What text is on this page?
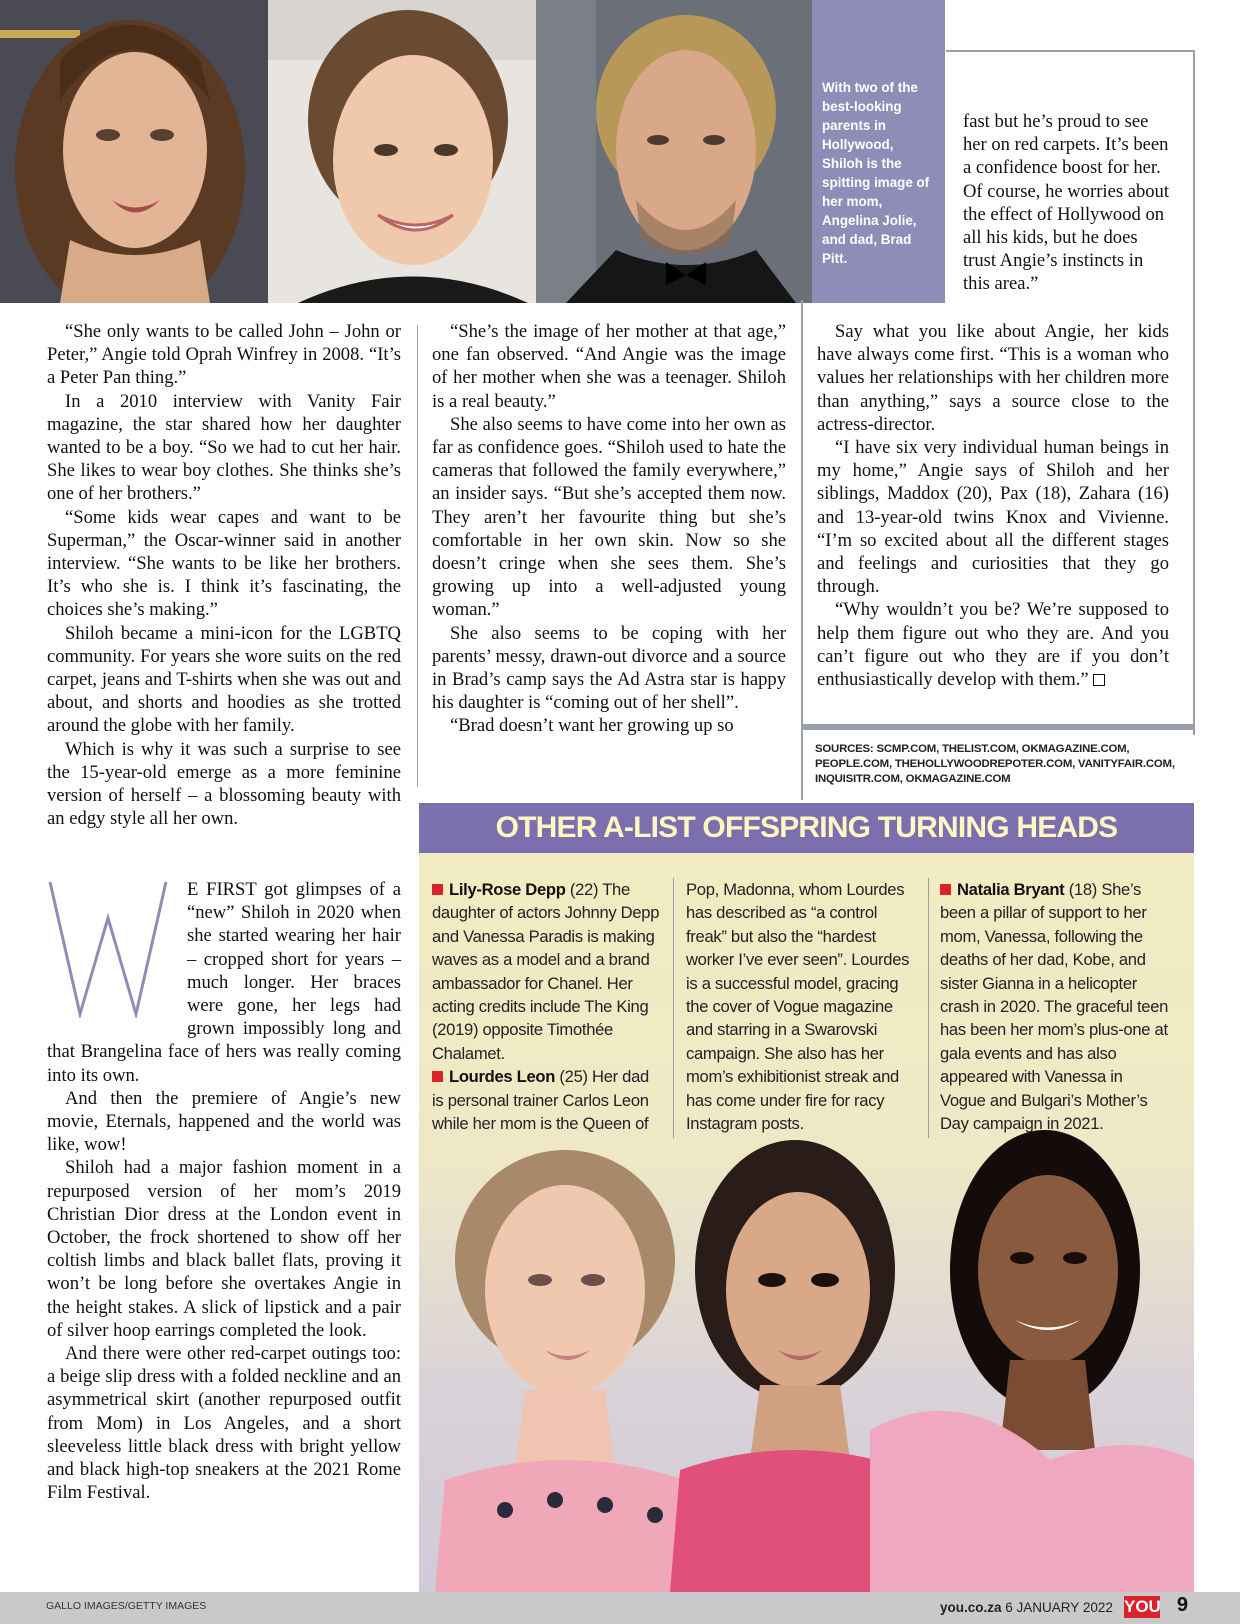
With two of the best-looking parents in Hollywood, Shiloh is the spitting image of her mom, Angelina Jolie, and dad, Brad Pitt.

“She only wants to be called John – John or Peter,” Angie told Oprah Winfrey in 2008. “It’s a Peter Pan thing.”

In a 2010 interview with Vanity Fair magazine, the star shared how her daughter wanted to be a boy. “So we had to cut her hair. She likes to wear boy clothes. She thinks she’s one of her brothers.”

“Some kids wear capes and want to be Superman,” the Oscar-winner said in another interview. “She wants to be like her brothers. It’s who she is. I think it’s fascinating, the choices she’s making.”

Shiloh became a mini-icon for the LGBTQ community. For years she wore suits on the red carpet, jeans and T-shirts when she was out and about, and shorts and hoodies as she trotted around the globe with her family.

Which is why it was such a surprise to see the 15-year-old emerge as a more feminine version of herself – a blossoming beauty with an edgy style all her own.

E FIRST got glimpses of a “new” Shiloh in 2020 when she started wearing her hair – cropped short for years – much longer. Her braces were gone, her legs had grown impossibly long and that Brangelina face of hers was really coming into its own.

And then the premiere of Angie’s new movie, Eternals, happened and the world was like, wow!

Shiloh had a major fashion moment in a repurposed version of her mom’s 2019 Christian Dior dress at the London event in October, the frock shortened to show off her coltish limbs and black ballet flats, proving it won’t be long before she overtakes Angie in the height stakes. A slick of lipstick and a pair of silver hoop earrings completed the look.

And there were other red-carpet outings too: a beige slip dress with a folded neckline and an asymmetrical skirt (another repurposed outfit from Mom) in Los Angeles, and a short sleeveless little black dress with bright yellow and black high-top sneakers at the 2021 Rome Film Festival.

“She’s the image of her mother at that age,” one fan observed. “And Angie was the image of her mother when she was a teenager. Shiloh is a real beauty.”

She also seems to have come into her own as far as confidence goes. “Shiloh used to hate the cameras that followed the family everywhere,” an insider says. “But she’s accepted them now. They aren’t her favourite thing but she’s comfortable in her own skin. Now so she doesn’t cringe when she sees them. She’s growing up into a well-adjusted young woman.”

She also seems to be coping with her parents’ messy, drawn-out divorce and a source in Brad’s camp says the Ad Astra star is happy his daughter is “coming out of her shell”.

“Brad doesn’t want her growing up so

fast but he’s proud to see her on red carpets. It’s been a confidence boost for her. Of course, he worries about the effect of Hollywood on all his kids, but he does trust Angie’s instincts in this area.”

Say what you like about Angie, her kids have always come first. “This is a woman who values her relationships with her children more than anything,” says a source close to the actress-director.

“I have six very individual human beings in my home,” Angie says of Shiloh and her siblings, Maddox (20), Pax (18), Zahara (16) and 13-year-old twins Knox and Vivienne. “I’m so excited about all the different stages and feelings and curiosities that they go through.

“Why wouldn’t you be? We’re supposed to help them figure out who they are. And you can’t figure out who they are if you don’t enthusiastically develop with them.”

SOURCES: SCMP.COM, THELIST.COM, OKMAGAZINE.COM, PEOPLE.COM, THEHOLLYWOODREPOTER.COM, VANITYFAIR.COM, INQUISITR.COM, OKMAGAZINE.COM
OTHER A-LIST OFFSPRING TURNING HEADS

Lily-Rose Depp (22) The daughter of actors Johnny Depp and Vanessa Paradis is making waves as a model and a brand ambassador for Chanel. Her acting credits include The King (2019) opposite Timothée Chalamet.

Lourdes Leon (25) Her dad is personal trainer Carlos Leon while her mom is the Queen of

Pop, Madonna, whom Lourdes has described as “a control freak” but also the “hardest worker I’ve ever seen”. Lourdes is a successful model, gracing the cover of Vogue magazine and starring in a Swarovski campaign. She also has her mom’s exhibitionist streak and has come under fire for racy Instagram posts.

Natalia Bryant (18) She’s been a pillar of support to her mom, Vanessa, following the deaths of her dad, Kobe, and sister Gianna in a helicopter crash in 2020. The graceful teen has been her mom’s plus-one at gala events and has also appeared with Vanessa in Vogue and Bulgari’s Mother’s Day campaign in 2021.

GALLO IMAGES/GETTY IMAGES	you.co.za 6 JANUARY 2022 YOU 9
